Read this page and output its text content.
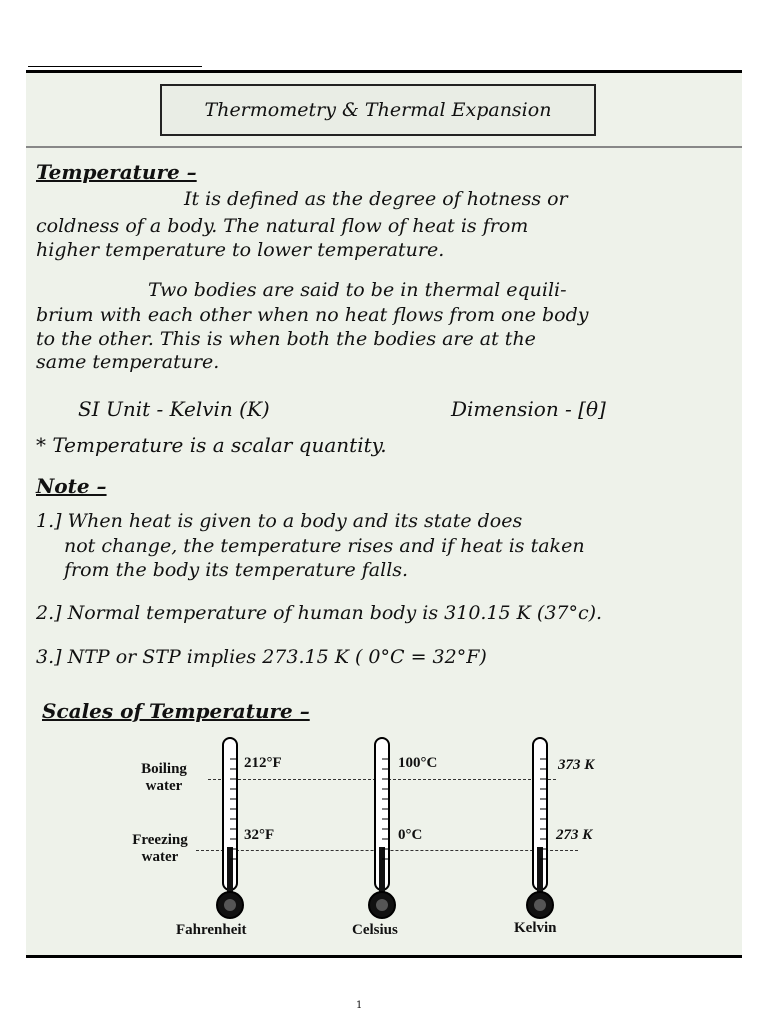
Thermometry & Thermal Expansion
Temperature –
It is defined as the degree of hotness or
coldness of a body. The natural flow of heat is from
higher temperature to lower temperature.
Two bodies are said to be in thermal equili-
brium with each other when no heat flows from one body
to the other. This is when both the bodies are at the
same temperature.
SI Unit - Kelvin (K)	Dimension - [θ]
* Temperature is a scalar quantity.
Note –
1.] When heat is given to a body and its state does
not change, the temperature rises and if heat is taken
from the body its temperature falls.
2.] Normal temperature of human body is 310.15 K (37°c).
3.] NTP or STP implies 273.15 K ( 0°C = 32°F)
Scales of Temperature –
Boiling
water
Freezing
water
212°F
32°F
Fahrenheit
100°C
0°C
Celsius
373 K
273 K
Kelvin
1
